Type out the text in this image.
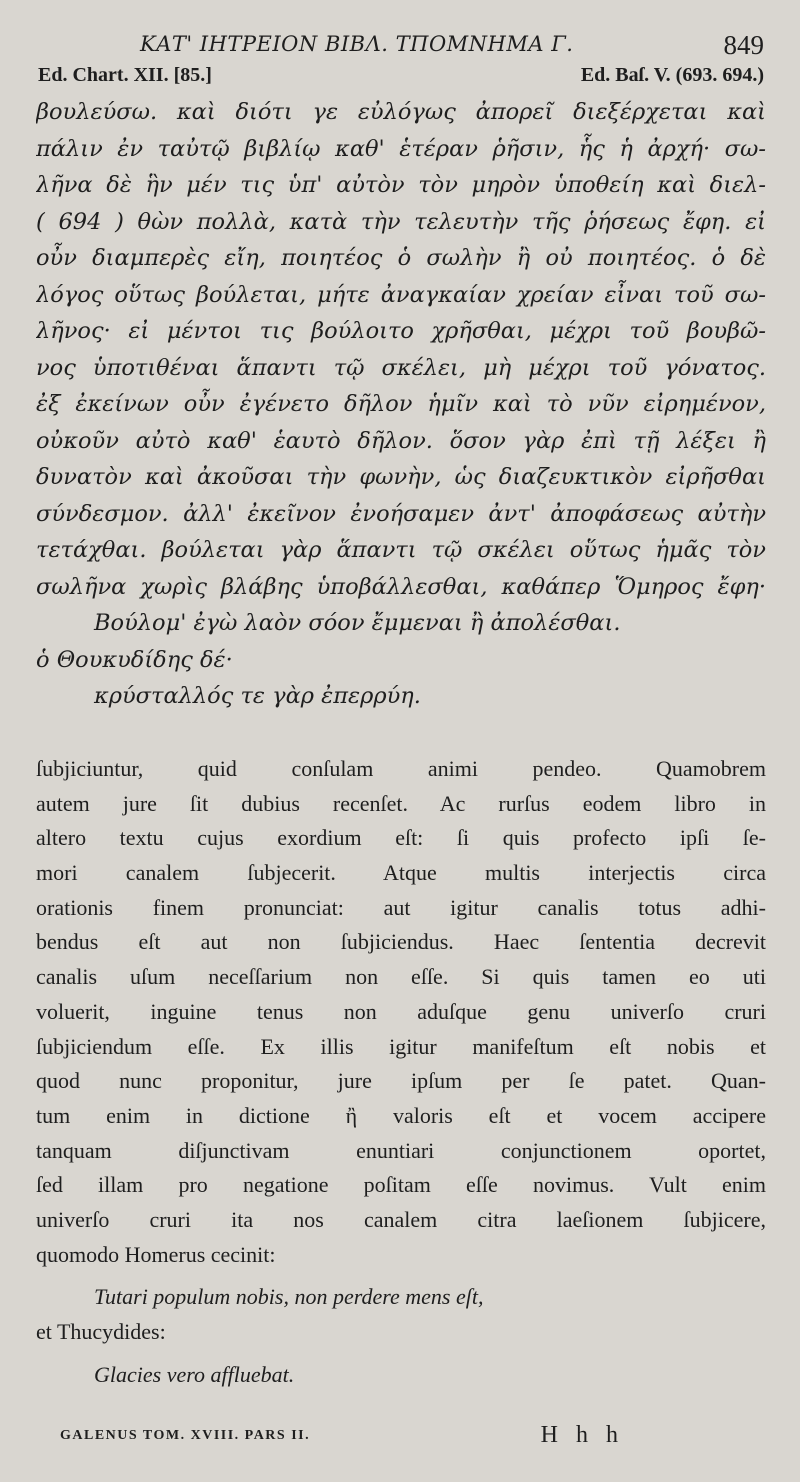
ΚΑΤ' ΙΗΤΡΕΙΟΝ ΒΙΒΛ. ΤΠΟΜΝΗΜΑ Γ.	849
Ed. Chart. XII. [85.]	Ed. Baſ. V. (693. 694.)
βουλεύσω. καὶ διότι γε εὐλόγως ἀπορεῖ διεξέρχεται καὶ
πάλιν ἐν ταὐτῷ βιβλίῳ καθ' ἑτέραν ῥῆσιν, ἧς ἡ ἀρχή· σω-
λῆνα δὲ ἣν μέν τις ὑπ' αὐτὸν τὸν μηρὸν ὑποθείη καὶ διελ-
( 694 ) θὼν πολλὰ, κατὰ τὴν τελευτὴν τῆς ῥήσεως ἔφη. εἰ
οὖν διαμπερὲς εἴη, ποιητέος ὁ σωλὴν ἢ οὐ ποιητέος. ὁ δὲ
λόγος οὕτως βούλεται, μήτε ἀναγκαίαν χρείαν εἶναι τοῦ σω-
λῆνος· εἰ μέντοι τις βούλοιτο χρῆσθαι, μέχρι τοῦ βουβῶ-
νος ὑποτιθέναι ἅπαντι τῷ σκέλει, μὴ μέχρι τοῦ γόνατος.
ἐξ ἐκείνων οὖν ἐγένετο δῆλον ἡμῖν καὶ τὸ νῦν εἰρημένον,
οὐκοῦν αὐτὸ καθ' ἑαυτὸ δῆλον. ὅσον γὰρ ἐπὶ τῇ λέξει ἢ
δυνατὸν καὶ ἀκοῦσαι τὴν φωνὴν, ὡς διαζευκτικὸν εἰρῆσθαι
σύνδεσμον. ἀλλ' ἐκεῖνον ἐνοήσαμεν ἀντ' ἀποφάσεως αὐτὴν
τετάχθαι. βούλεται γὰρ ἅπαντι τῷ σκέλει οὕτως ἡμᾶς τὸν
σωλῆνα χωρὶς βλάβης ὑποβάλλεσθαι, καθάπερ Ὅμηρος ἔφη·
Βούλομ' ἐγὼ λαὸν σόον ἔμμεναι ἢ ἀπολέσθαι.
ὁ Θουκυδίδης δέ·
κρύσταλλός τε γὰρ ἐπερρύη.
ſubjiciuntur, quid conſulam animi pendeo. Quamobrem
autem jure ſit dubius recenſet. Ac rurſus eodem libro in
altero textu cujus exordium eſt: ſi quis profecto ipſi ſe-
mori canalem ſubjecerit. Atque multis interjectis circa
orationis finem pronunciat: aut igitur canalis totus adhi-
bendus eſt aut non ſubjiciendus. Haec ſententia decrevit
canalis uſum neceſſarium non eſſe. Si quis tamen eo uti
voluerit, inguine tenus non aduſque genu univerſo cruri
ſubjiciendum eſſe. Ex illis igitur manifeſtum eſt nobis et
quod nunc proponitur, jure ipſum per ſe patet. Quan-
tum enim in dictione ἢ valoris eſt et vocem accipere
tanquam diſjunctivam enuntiari conjunctionem oportet,
ſed illam pro negatione poſitam eſſe novimus. Vult enim
univerſo cruri ita nos canalem citra laeſionem ſubjicere,
quomodo Homerus cecinit:
Tutari populum nobis, non perdere mens eſt,
et Thucydides:
Glacies vero affluebat.
GALENUS TOM. XVIII. PARS II.	H h h
